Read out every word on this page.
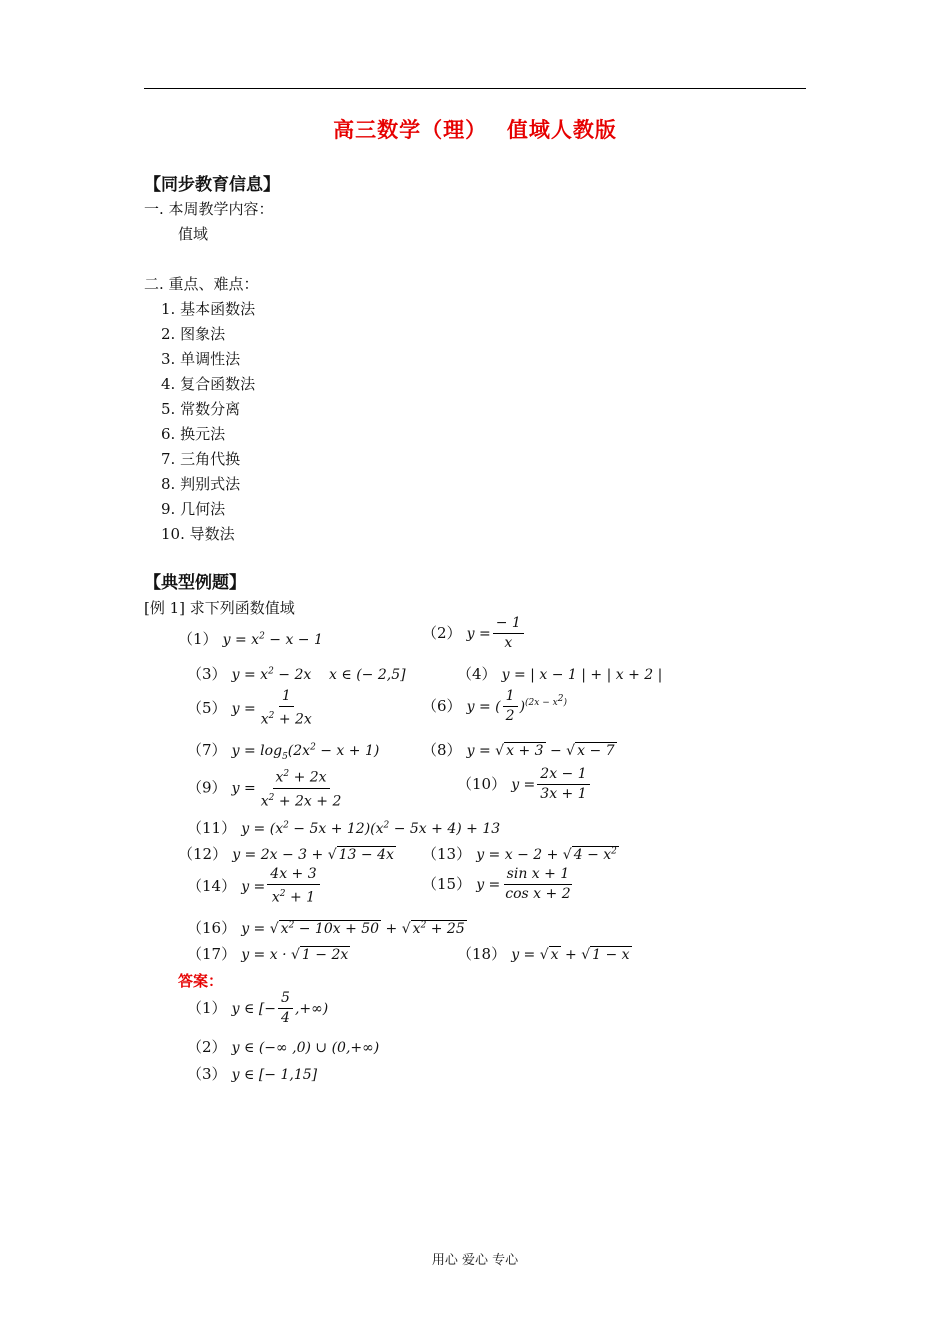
高三数学（理）　 值域人教版
【同步教育信息】
一. 本周教学内容：
值域
二. 重点、难点：
1. 基本函数法
2. 图象法
3. 单调性法
4. 复合函数法
5. 常数分离
6. 换元法
7. 三角代换
8. 判别式法
9. 几何法
10. 导数法
【典型例题】
[例 1] 求下列函数值域
（1） $y = x^2 - x - 1$	（2） $y = \frac{- 1}{x}$
（3） $y = x^2 - 2x$    x ∈ (− 2,5]	（4） y = | x − 1 | + | x + 2 |
（5） $y = \frac{1}{x^2 + 2x}$	（6） y = ( $\frac{1}{2} )^{(2x - x^2)}$
（7） $y = \log_5(2x^2 - x + 1)$	（8） y = √ x + 3 − √ x − 7
（9） $y = \frac{x^2 + 2x}{x^2 + 2x + 2}$	（10） $y = \frac{2x - 1}{3x + 1}$
（11） $y = (x^2 - 5x + 12)(x^2 - 5x + 4) + 13$
（12） y = 2x − 3 + √ 13 − 4x （13） y = x − 2 + √ $4 - x^2$
（14） $y = \frac{4x + 3}{x^2 + 1}$	（15） $y = \frac{\text{sin x + 1}}{\text{cos x + 2}}$
（16） y = √ $x^2 - 10x + 50$ + √ $x^2 + 25$
（17） y = x · √ 1 − 2x	（18） y = √ x + √ 1 − x
答案：
（1） y ∈ [− $\frac{5}{4}$ ,+∞)
（2） y ∈ (−∞ ,0) ∪ (0,+∞)
（3） y ∈ [− 1,15]
用心 爱心 专心
